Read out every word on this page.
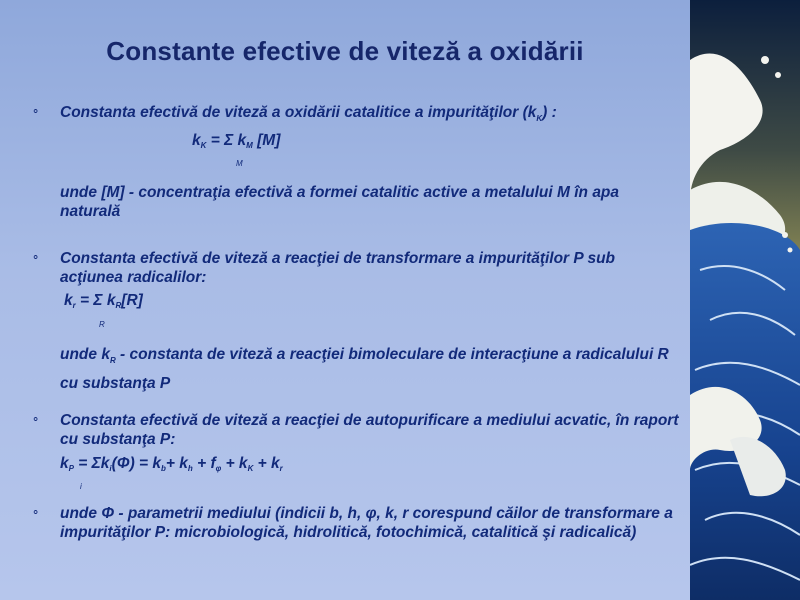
Constante efective de viteză a oxidării
⚬ Constanta efectivă de viteză a oxidării catalitice a impurităţilor $(k_K)$ :

$k_K = \Sigma$ $k_M$ [M]
M

unde [M] - concentraţia efectivă a formei catalitic active a metalului M în apa naturală

⚬ Constanta efectivă de viteză a reacţiei de transformare a impurităţilor P sub acţiunea radicalilor:

$k_r = \Sigma$ $k_R[R]$
R

unde $k_R$ - constanta de viteză a reacţiei bimoleculare de interacţiune a radicalului R cu substanţa P

⚬ Constanta efectivă de viteză a reacţiei de autopurificare a mediului acvatic, în raport cu substanţa P:

$k_P = \Sigma k_i(\Phi) = k_b+ k_h + f_\varphi + k_K + k_r$
i
⚬ unde Φ - parametrii mediului (indicii b, h, φ, k, r corespund căilor de transformare a impurităţilor P: microbiologică, hidrolitică, fotochimică, catalitică şi radicalică)
